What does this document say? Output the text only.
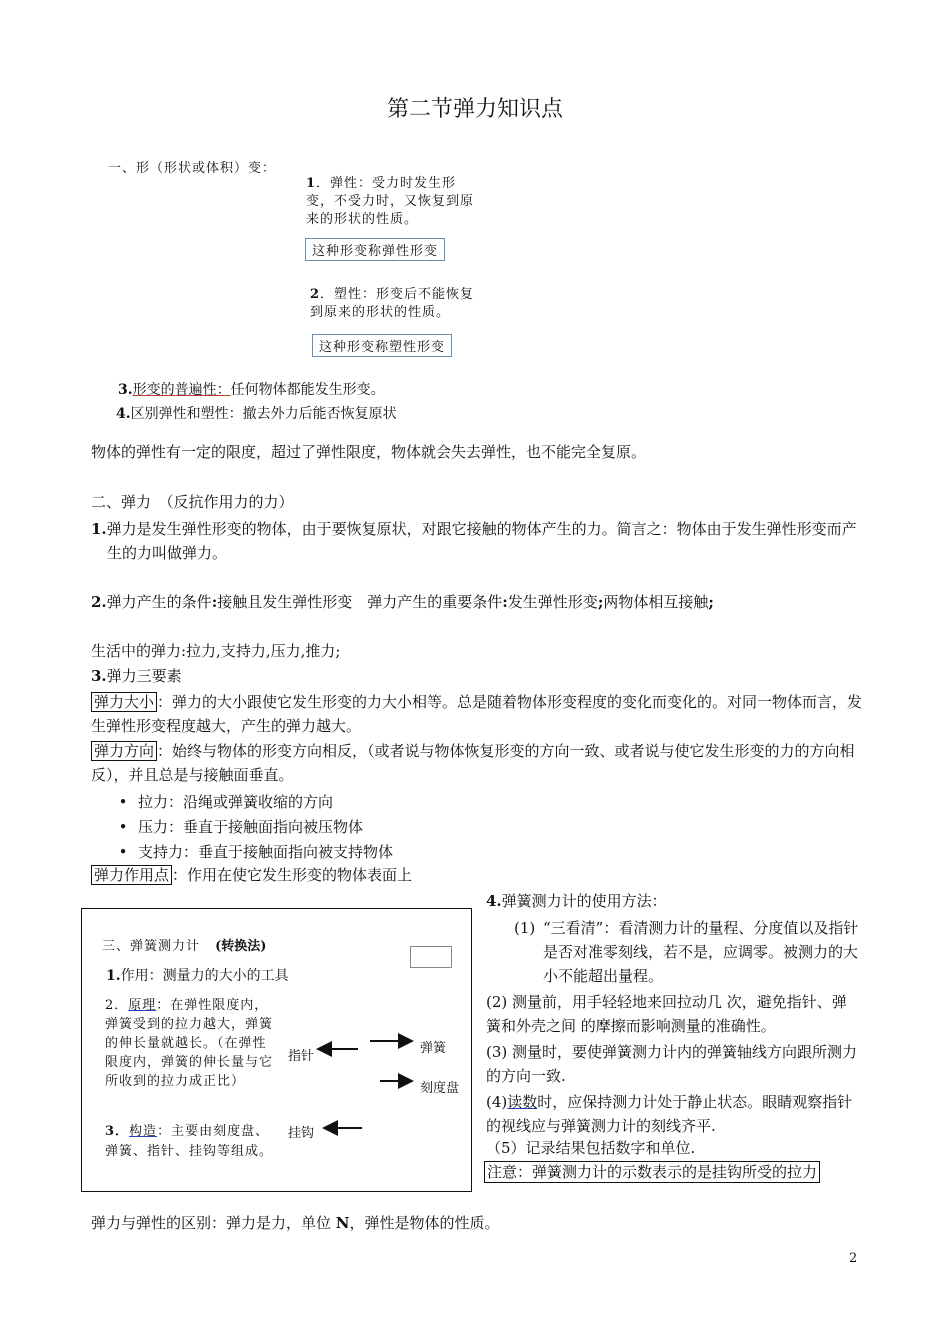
第二节弹力知识点
一、形（形状或体积）变：
1．弹性：受力时发生形变，不受力时，又恢复到原来的形状的性质。
这种形变称弹性形变
2．塑性：形变后不能恢复到原来的形状的性质。
这种形变称塑性形变
3.形变的普遍性：任何物体都能发生形变。
4.区别弹性和塑性：撤去外力后能否恢复原状
物体的弹性有一定的限度，超过了弹性限度，物体就会失去弹性，也不能完全复原。
二、弹力　（反抗作用力的力）
1.弹力是发生弹性形变的物体，由于要恢复原状，对跟它接触的物体产生的力。简言之：物体由于发生弹性形变而产生的力叫做弹力。
2.弹力产生的条件:接触且发生弹性形变　弹力产生的重要条件:发生弹性形变;两物体相互接触;
生活中的弹力:拉力,支持力,压力,推力;
3.弹力三要素
弹力大小 ：弹力的大小跟使它发生形变的力大小相等。总是随着物体形变程度的变化而变化的。对同一物体而言，发生弹性形变程度越大，产生的弹力越大。
弹力方向 ：始终与物体的形变方向相反，（或者说与物体恢复形变的方向一致、或者说与使它发生形变的力的方向相反），并且总是与接触面垂直。
• 拉力：沿绳或弹簧收缩的方向
• 压力：垂直于接触面指向被压物体
• 支持力：垂直于接触面指向被支持物体
弹力作用点 ：作用在使它发生形变的物体表面上
三、弹簧测力计 (转换法)
1.作用：测量力的大小的工具
2．原理：在弹性限度内，弹簧受到的拉力越大，弹簧的伸长量就越长。（在弹性限度内，弹簧的伸长量与它所收到的拉力成正比）
3．构造：主要由刻度盘、弹簧、指针、挂钩等组成。
指针
弹簧
刻度盘
挂钩
4.弹簧测力计的使用方法：
(1) “三看清”：看清测力计的量程、分度值以及指针是否对准零刻线，若不是，应调零。被测力的大小不能超出量程。
(2) 测量前，用手轻轻地来回拉动几 次，避免指针、弹簧和外壳之间 的摩擦而影响测量的准确性。
(3) 测量时，要使弹簧测力计内的弹簧轴线方向跟所测力的方向一致.
(4)读数时，应保持测力计处于静止状态。眼睛观察指针的视线应与弹簧测力计的刻线齐平.
（5）记录结果包括数字和单位.
注意：弹簧测力计的示数表示的是挂钩所受的拉力
弹力与弹性的区别：弹力是力，单位 N，弹性是物体的性质。
2
